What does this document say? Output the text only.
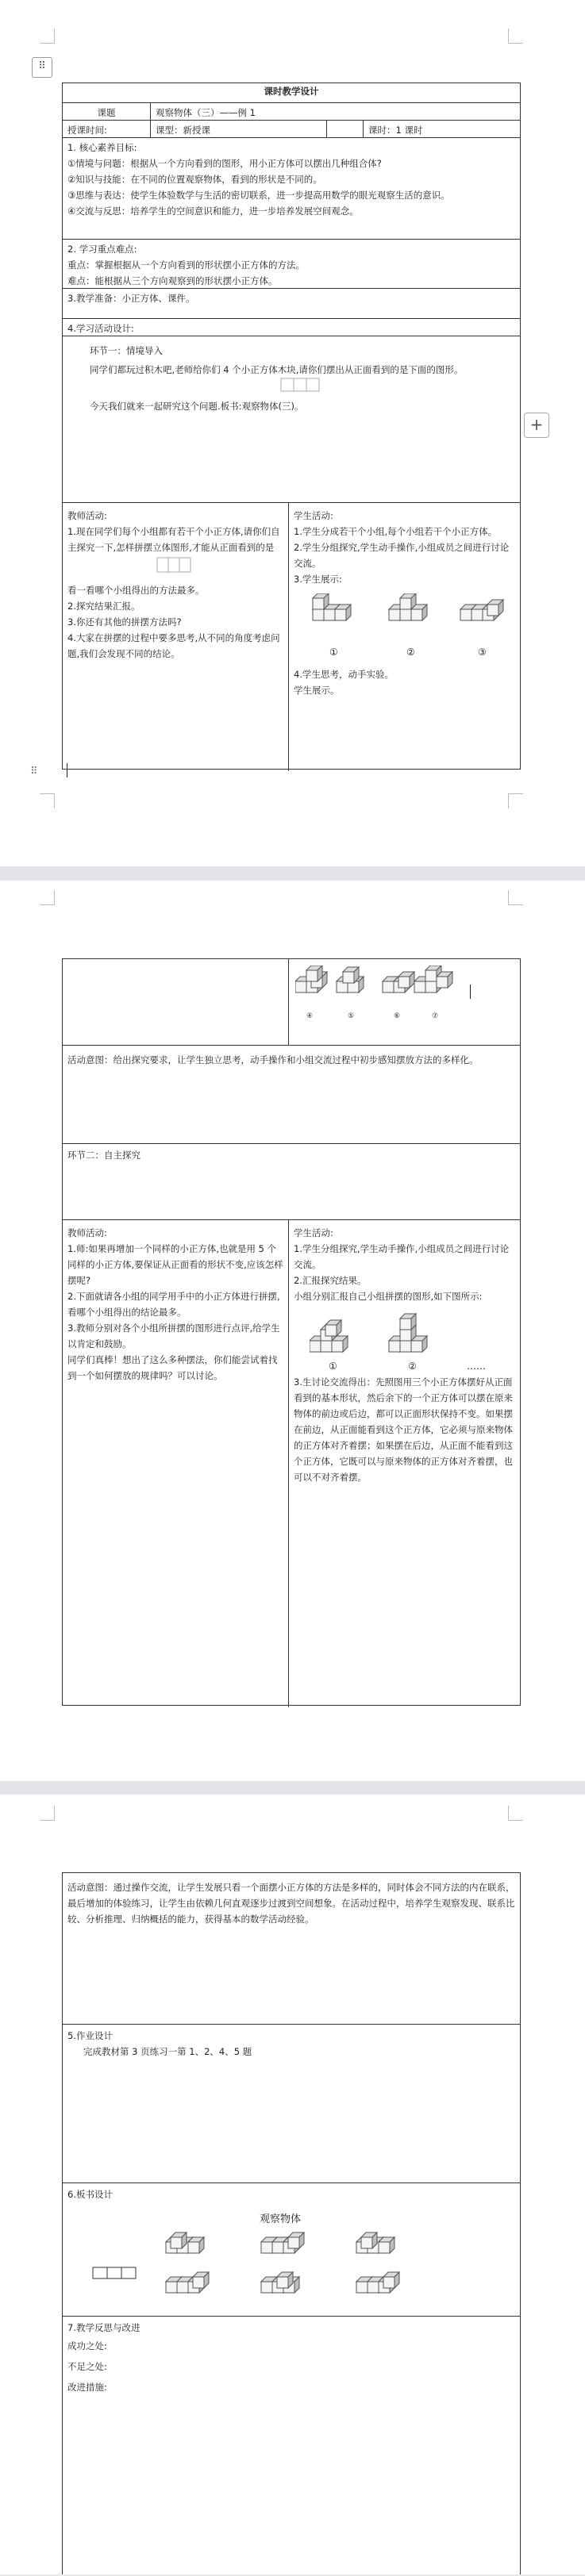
⠿
+
⠿
课时教学设计
课题	观察物体（三）——例 1
授课时间:	课型：新授课	课时：1 课时
1. 核心素养目标:
①情境与问题：根据从一个方向看到的图形，用小正方体可以摆出几种组合体?
②知识与技能：在不同的位置观察物体，看到的形状是不同的。
③思维与表达：使学生体验数学与生活的密切联系，进一步提高用数学的眼光观察生活的意识。
④交流与反思：培养学生的空间意识和能力，进一步培养发展空间观念。
2. 学习重点难点:
重点：掌握根据从一个方向看到的形状摆小正方体的方法。
难点：能根据从三个方向观察到的形状摆小正方体。
3.教学准备：小正方体、课件。
4.学习活动设计:
环节一：情境导入
同学们都玩过积木吧,老师给你们 4 个小正方体木块,请你们摆出从正面看到的是下面的图形。
今天我们就来一起研究这个问题.板书:观察物体(三)。
教师活动:
1.现在同学们每个小组都有若干个小正方体,请你们自主探究一下,怎样拼摆立体图形,才能从正面看到的是
看一看哪个小组得出的方法最多。
2.探究结果汇报。
3.你还有其他的拼摆方法吗?
4.大家在拼摆的过程中要多思考,从不同的角度考虑问题,我们会发现不同的结论。
学生活动:
1.学生分成若干个小组,每个小组若干个小正方体。
2.学生分组探究,学生动手操作,小组成员之间进行讨论交流。
3.学生展示:
①	②	③
4.学生思考，动手实验。
学生展示。
④	⑤	⑥	⑦
活动意图：给出探究要求，让学生独立思考，动手操作和小组交流过程中初步感知摆放方法的多样化。
环节二：自主探究
教师活动:
1.师:如果再增加一个同样的小正方体,也就是用 5 个同样的小正方体,要保证从正面看的形状不变,应该怎样摆呢?
2.下面就请各小组的同学用手中的小正方体进行拼摆,看哪个小组得出的结论最多。
3.教师分别对各个小组所拼摆的图形进行点评,给学生以肯定和鼓励。
同学们真棒！想出了这么多种摆法，你们能尝试着找到一个如何摆放的规律吗？可以讨论。
学生活动:
1.学生分组探究,学生动手操作,小组成员之间进行讨论交流。
2.汇报探究结果。
小组分别汇报自己小组拼摆的图形,如下图所示:
①	②	……
3.生讨论交流得出：先照图用三个小正方体摆好从正面看到的基本形状，然后余下的一个正方体可以摆在原来物体的前边或后边，都可以正面形状保持不变。如果摆在前边，从正面能看到这个正方体，它必须与原来物体的正方体对齐着摆；如果摆在后边，从正面不能看到这个正方体，它既可以与原来物体的正方体对齐着摆，也可以不对齐着摆。
活动意图：通过操作交流，让学生发展只看一个面摆小正方体的方法是多样的，同时体会不同方法的内在联系，最后增加的体验练习，让学生由依赖几何直观逐步过渡到空间想象。在活动过程中，培养学生观察发现、联系比较、分析推理、归纳概括的能力，获得基本的数学活动经验。
5.作业设计
完成教材第 3 页练习一第 1、2、4、5 题
6.板书设计
观察物体
7.教学反思与改进
成功之处:
不足之处:
改进措施:
